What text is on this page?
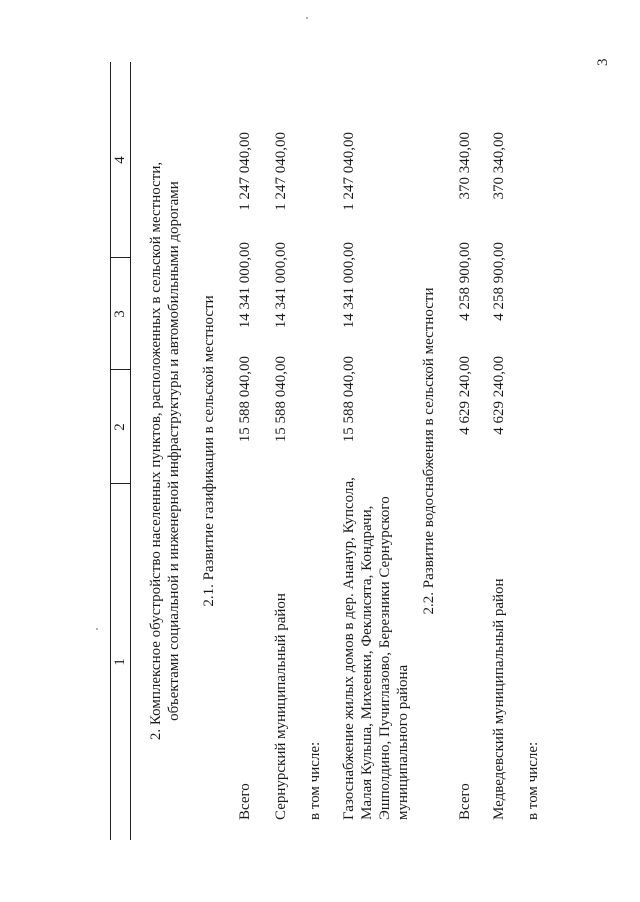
3
1
2
3
4
2. Комплексное обустройство населенных пунктов, расположенных в сельской местности, объектами социальной и инженерной инфраструктуры и автомобильными дорогами 2.1. Развитие газификации в сельской местности
Всего
15 588 040,00
14 341 000,00
1 247 040,00
Сернурский муниципальный район
15 588 040,00
14 341 000,00
1 247 040,00
в том числе: Газоснабжение жилых домов в дер. Ананур, Купсола, Малая Кульша, Михеенки, Феклисята, Кондрачи, Эшполдино, Пучиглазово, Березники Сернурского муниципального района
15 588 040,00
14 341 000,00
1 247 040,00
2.2. Развитие водоснабжения в сельской местности
Всего
4 629 240,00
4 258 900,00
370 340,00
Медведевский муниципальный район
4 629 240,00
4 258 900,00
370 340,00
в том числе:
